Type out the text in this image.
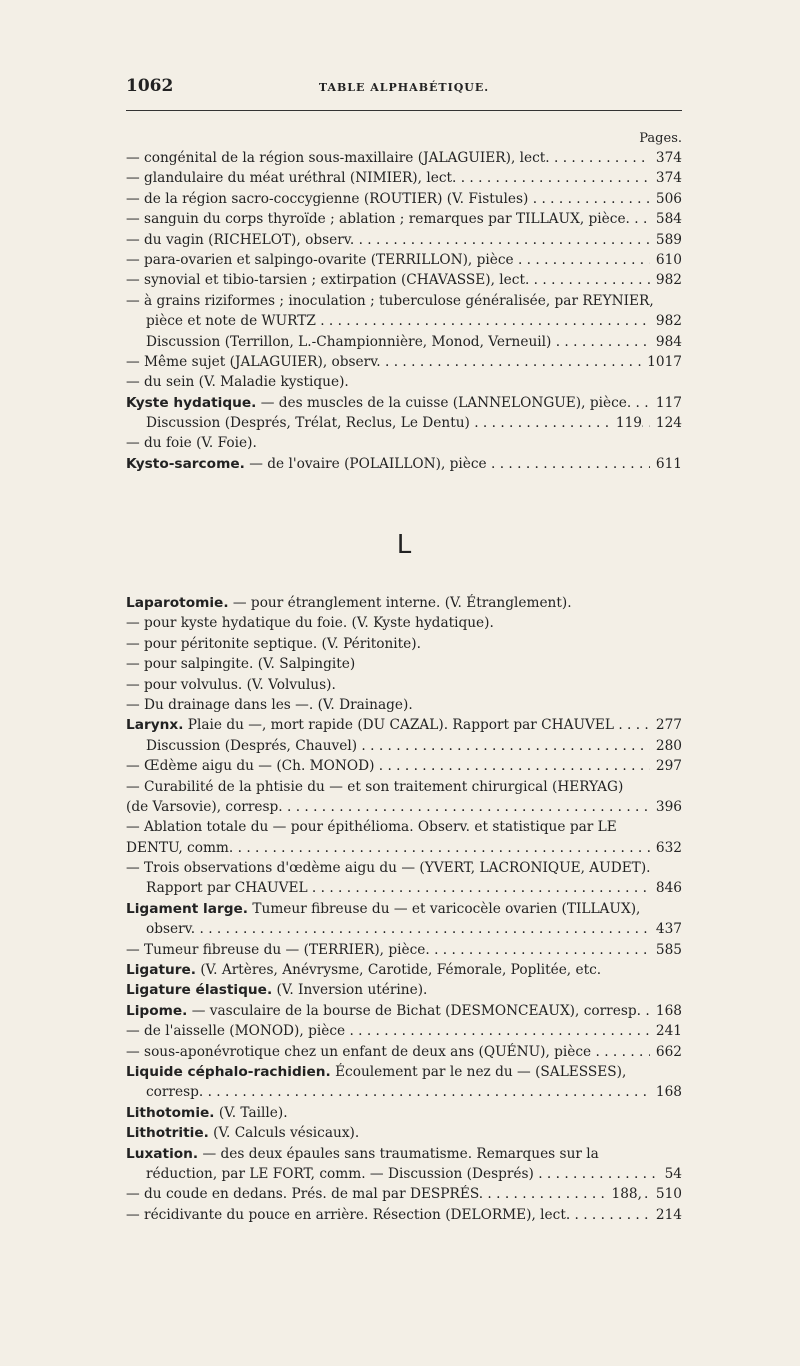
1062	TABLE ALPHABÉTIQUE.
Pages.
— congénital de la région sous-maxillaire (JALAGUIER), lect. . . .	374
— glandulaire du méat uréthral (NIMIER), lect. . . .	374
— de la région sacro-coccygienne (ROUTIER) (V. Fistules) . . .	506
— sanguin du corps thyroïde ; ablation ; remarques par TILLAUX, pièce. . . .	584
— du vagin (RICHELOT), observ. . . .	589
— para-ovarien et salpingo-ovarite (TERRILLON), pièce . . .	610
— synovial et tibio-tarsien ; extirpation (CHAVASSE), lect. . . .	982
— à grains riziformes ; inoculation ; tuberculose généralisée, par REYNIER,
pièce et note de WURTZ . . .	982
Discussion (Terrillon, L.-Championnière, Monod, Verneuil) . . .	984
— Même sujet (JALAGUIER), observ. . . .	1017
— du sein (V. Maladie kystique).
Kyste hydatique. — des muscles de la cuisse (LANNELONGUE), pièce. . . .	117
Discussion (Després, Trélat, Reclus, Le Dentu) . . .	119	124
— du foie (V. Foie).
Kysto-sarcome. — de l'ovaire (POLAILLON), pièce . . .	611
L
Laparotomie. — pour étranglement interne. (V. Étranglement).
— pour kyste hydatique du foie. (V. Kyste hydatique).
— pour péritonite septique. (V. Péritonite).
— pour salpingite. (V. Salpingite)
— pour volvulus. (V. Volvulus).
— Du drainage dans les —. (V. Drainage).
Larynx. Plaie du —, mort rapide (DU CAZAL). Rapport par CHAUVEL . . . .	277
Discussion (Després, Chauvel) . . .	280
— Œdème aigu du — (Ch. MONOD) . . .	297
— Curabilité de la phtisie du — et son traitement chirurgical (HERYAG)
(de Varsovie), corresp. . . .	396
— Ablation totale du — pour épithélioma. Observ. et statistique par LE
DENTU, comm. . . .	632
— Trois observations d'œdème aigu du — (YVERT, LACRONIQUE, AUDET).
Rapport par CHAUVEL . . .	846
Ligament large. Tumeur fibreuse du — et varicocèle ovarien (TILLAUX),
observ. . . .	437
— Tumeur fibreuse du — (TERRIER), pièce. . . .	585
Ligature. (V. Artères, Anévrysme, Carotide, Fémorale, Poplitée, etc.
Ligature élastique. (V. Inversion utérine).
Lipome. — vasculaire de la bourse de Bichat (DESMONCEAUX), corresp. . . .	168
— de l'aisselle (MONOD), pièce . . .	241
— sous-aponévrotique chez un enfant de deux ans (QUÉNU), pièce . . . . . .	662
Liquide céphalo-rachidien. Écoulement par le nez du — (SALESSES),
corresp. . . .	168
Lithotomie. (V. Taille).
Lithotritie. (V. Calculs vésicaux).
Luxation. — des deux épaules sans traumatisme. Remarques sur la
réduction, par LE FORT, comm. — Discussion (Després) . . .	54
— du coude en dedans. Prés. de mal par DESPRÉS. . . .	188,	510
— récidivante du pouce en arrière. Résection (DELORME), lect. . . .	214
